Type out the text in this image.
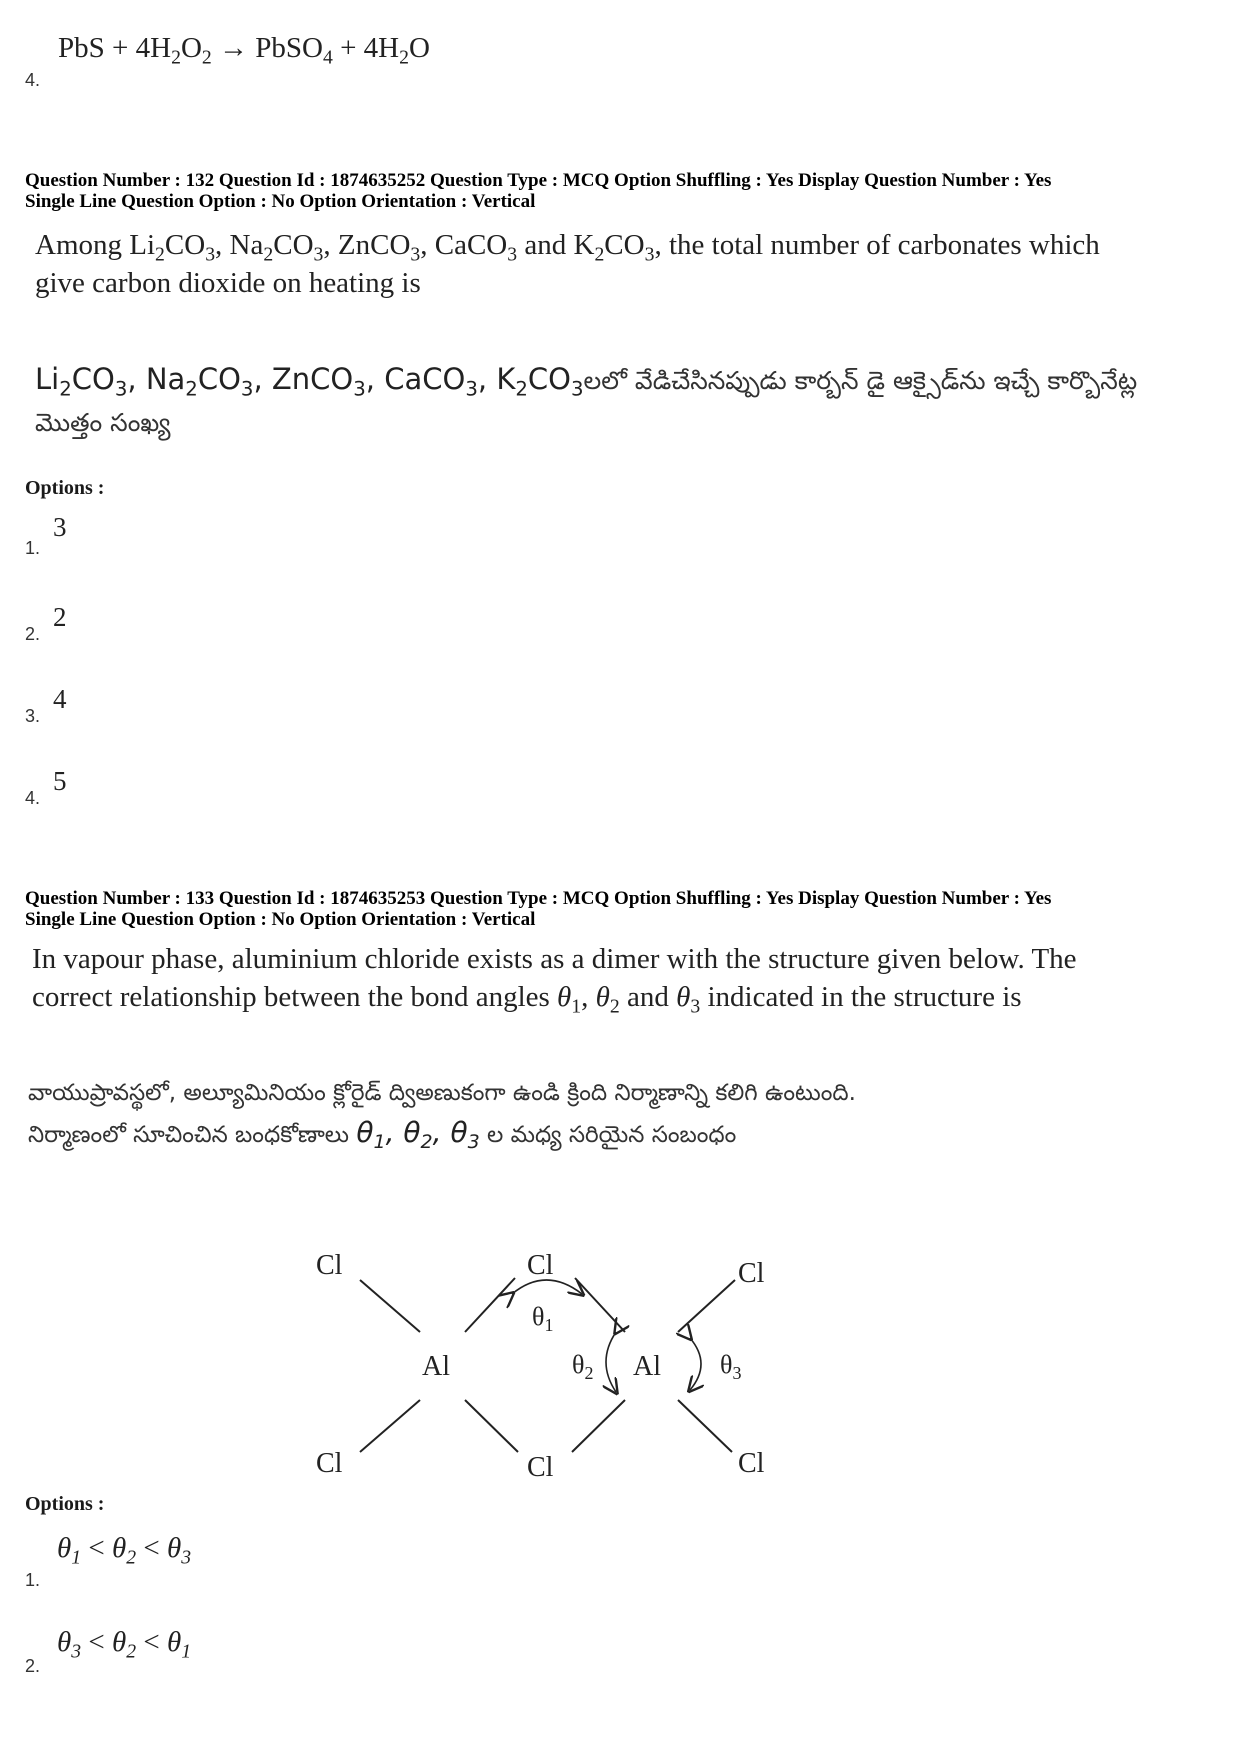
PbS + $4H_2O_2$ → PbSO$_4$ + $4H_2O$
4.
Question Number : 132 Question Id : 1874635252 Question Type : MCQ Option Shuffling : Yes Display Question Number : Yes
Single Line Question Option : No Option Orientation : Vertical
Among $Li_2CO_3$, $Na_2CO_3$, ZnCO$_3$, CaCO$_3$ and $K_2CO_3$, the total number of carbonates which
give carbon dioxide on heating is
$Li_2CO_3$, $Na_2CO_3$, ZnCO$_3$, CaCO$_3$, $K_2CO_3లలో$ వేడిచేసినప్పుడు కార్బన్ డై ఆక్సైడ్‌ను ఇచ్చే కార్బొనేట్ల
మొత్తం సంఖ్య
Options :
1.
3
2.
2
3.
4
4.
5
Question Number : 133 Question Id : 1874635253 Question Type : MCQ Option Shuffling : Yes Display Question Number : Yes
Single Line Question Option : No Option Orientation : Vertical
In vapour phase, aluminium chloride exists as a dimer with the structure given below. The
correct relationship between the bond angles $\theta_1$, $\theta_2$ and $\theta_3$ indicated in the structure is
వాయుప్రావస్థలో, అల్యూమినియం క్లోరైడ్ ద్విఅణుకంగా ఉండి క్రింది నిర్మాణాన్ని కలిగి ఉంటుంది.
నిర్మాణంలో సూచించిన బంధకోణాలు $\theta_1$, $\theta_2$, $\theta_3$ ల మధ్య సరియైన సంబంధం
Cl
Cl
Al
Cl
Cl
Al
Cl
Cl
$\theta_1$
$\theta_2$	$\theta_3$
Options :
1.
$\theta_1 < \theta_2 < \theta_3$
2.
$\theta_3 < \theta_2 < \theta_1$
